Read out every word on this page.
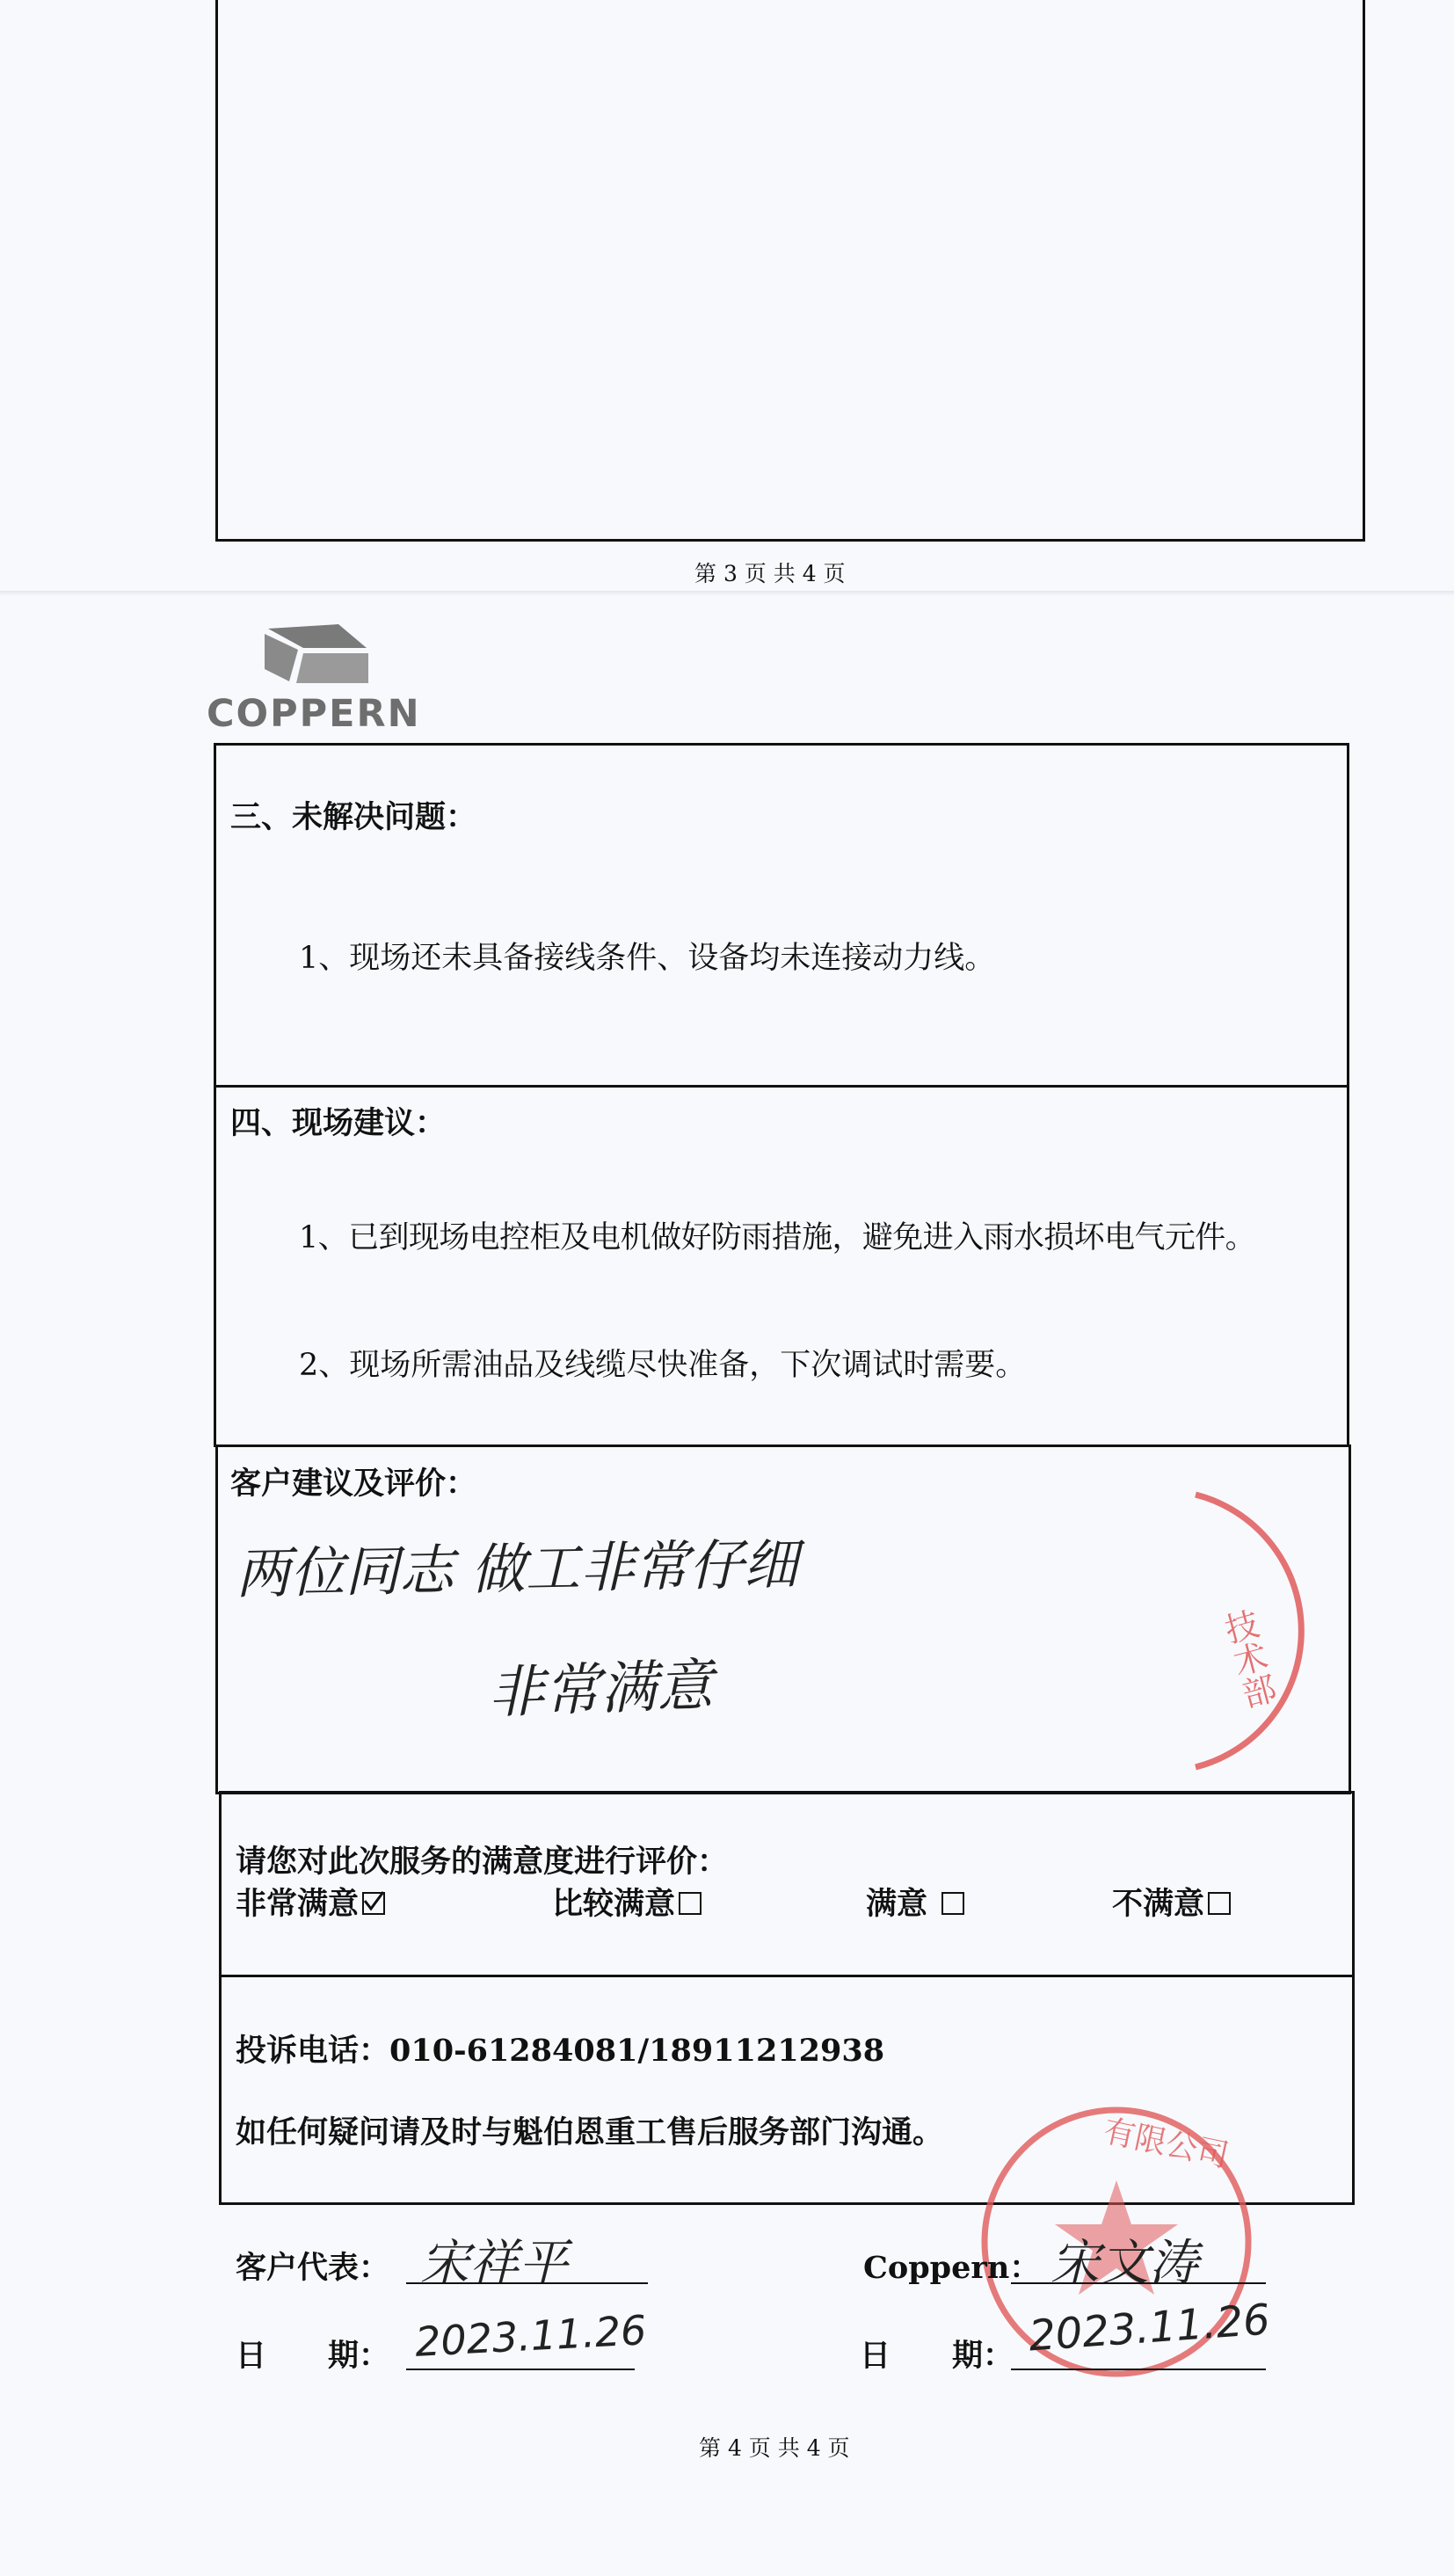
第 3 页 共 4 页
COPPERN
三、未解决问题：
1、现场还未具备接线条件、设备均未连接动力线。
四、现场建议：
1、已到现场电控柜及电机做好防雨措施，避免进入雨水损坏电气元件。
2、现场所需油品及线缆尽快准备，下次调试时需要。
客户建议及评价：
两位同志 做工非常仔细
非常满意	技术部
请您对此次服务的满意度进行评价：
非常满意	比较满意	满意	不满意
投诉电话：010-61284081/18911212938
如任何疑问请及时与魁伯恩重工售后服务部门沟通。	有限公司
客户代表： 宋祥平	Coppern： 宋文涛
日　　期： 2023.11.26	日　　期： 2023.11.26
第 4 页 共 4 页
